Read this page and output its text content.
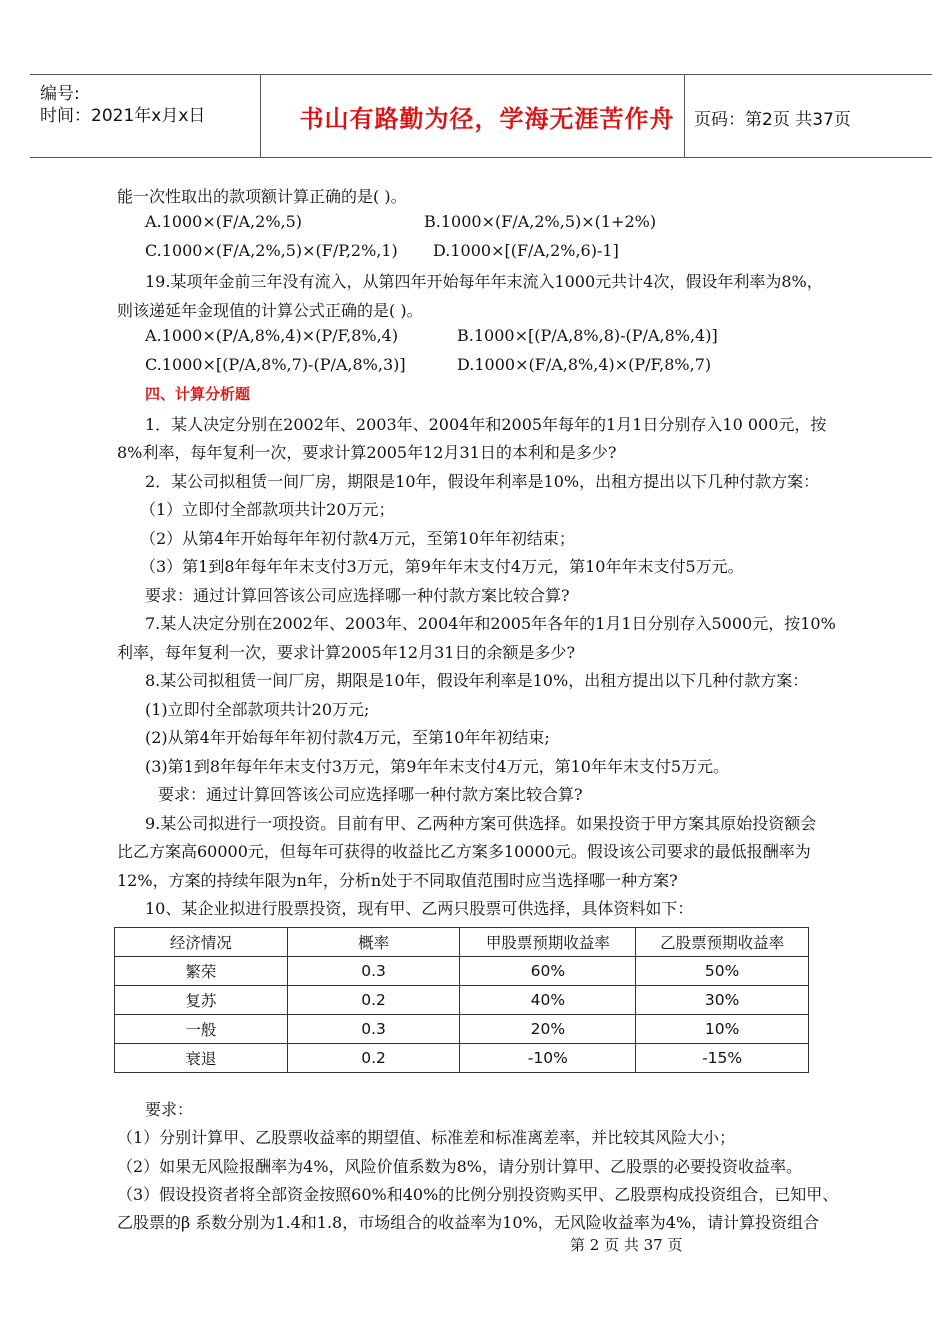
编号:
时间：2021年x月x日	书山有路勤为径，学海无涯苦作舟	页码：第2页 共37页
能一次性取出的款项额计算正确的是( )。
A.1000×(F/A,2%,5)	B.1000×(F/A,2%,5)×(1+2%)
C.1000×(F/A,2%,5)×(F/P,2%,1) D.1000×[(F/A,2%,6)-1]
19.某项年金前三年没有流入，从第四年开始每年年末流入1000元共计4次，假设年利率为8%，
则该递延年金现值的计算公式正确的是( )。
A.1000×(P/A,8%,4)×(P/F,8%,4)	B.1000×[(P/A,8%,8)-(P/A,8%,4)]
C.1000×[(P/A,8%,7)-(P/A,8%,3)]	D.1000×(F/A,8%,4)×(P/F,8%,7)
四、计算分析题
1．某人决定分别在2002年、2003年、2004年和2005年每年的1月1日分别存入10 000元，按
8%利率，每年复利一次，要求计算2005年12月31日的本利和是多少?
2．某公司拟租赁一间厂房，期限是10年，假设年利率是10%，出租方提出以下几种付款方案：
（1）立即付全部款项共计20万元；
（2）从第4年开始每年年初付款4万元，至第10年年初结束；
（3）第1到8年每年年末支付3万元，第9年年末支付4万元，第10年年末支付5万元。
要求：通过计算回答该公司应选择哪一种付款方案比较合算?
7.某人决定分别在2002年、2003年、2004年和2005年各年的1月1日分别存入5000元，按10%
利率，每年复利一次，要求计算2005年12月31日的余额是多少?
8.某公司拟租赁一间厂房，期限是10年，假设年利率是10%，出租方提出以下几种付款方案：
(1)立即付全部款项共计20万元;
(2)从第4年开始每年年初付款4万元，至第10年年初结束;
(3)第1到8年每年年末支付3万元，第9年年末支付4万元，第10年年末支付5万元。
要求：通过计算回答该公司应选择哪一种付款方案比较合算?
9.某公司拟进行一项投资。目前有甲、乙两种方案可供选择。如果投资于甲方案其原始投资额会
比乙方案高60000元，但每年可获得的收益比乙方案多10000元。假设该公司要求的最低报酬率为
12%，方案的持续年限为n年，分析n处于不同取值范围时应当选择哪一种方案?
10、某企业拟进行股票投资，现有甲、乙两只股票可供选择，具体资料如下：
经济情况	概率	甲股票预期收益率	乙股票预期收益率
繁荣	0.3	60%	50%
复苏	0.2	40%	30%
一般	0.3	20%	10%
衰退	0.2	-10%	-15%
要求：
（1）分别计算甲、乙股票收益率的期望值、标准差和标准离差率，并比较其风险大小；
（2）如果无风险报酬率为4%，风险价值系数为8%，请分别计算甲、乙股票的必要投资收益率。
（3）假设投资者将全部资金按照60%和40%的比例分别投资购买甲、乙股票构成投资组合，已知甲、
乙股票的β 系数分别为1.4和1.8，市场组合的收益率为10%，无风险收益率为4%，请计算投资组合
第 2 页 共 37 页
